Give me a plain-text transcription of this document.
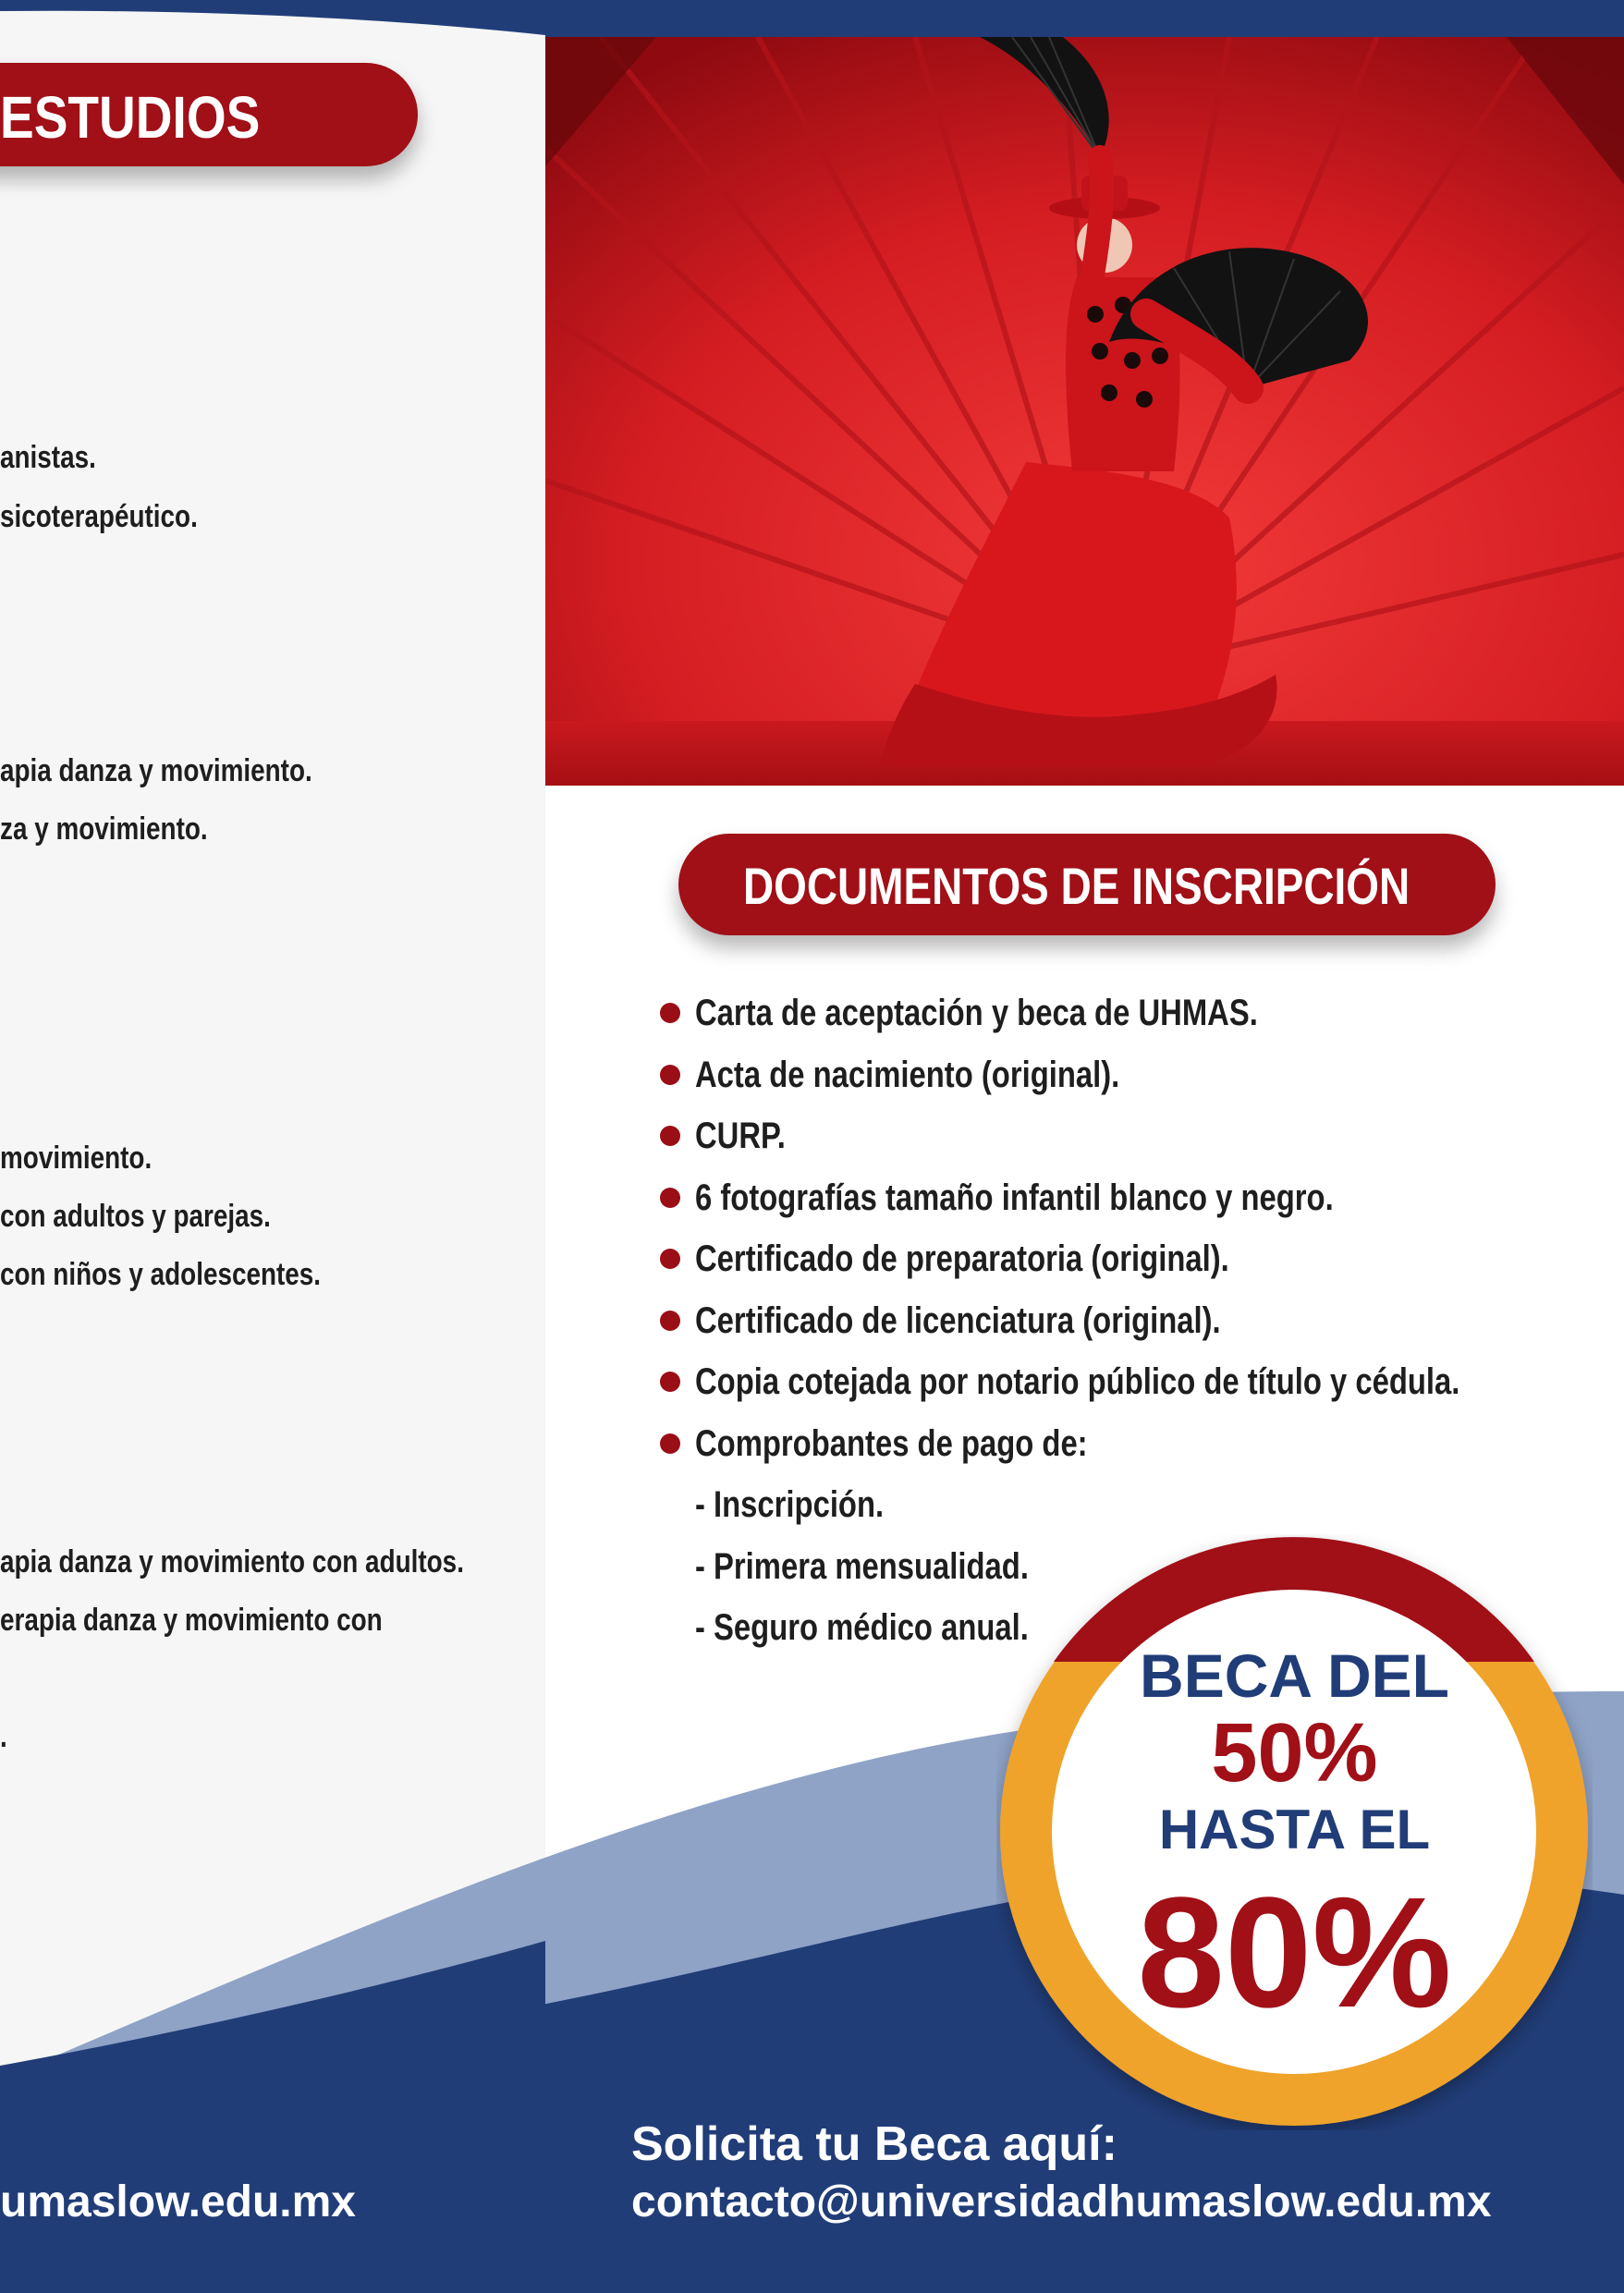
ESTUDIOS
anistas.
sicoterapéutico.
apia danza y movimiento.
za y movimiento.
movimiento.
con adultos y parejas.
con niños y adolescentes.
apia danza y movimiento con adultos.
erapia danza y movimiento con
.
DOCUMENTOS DE INSCRIPCIÓN
Carta de aceptación y beca de UHMAS.
Acta de nacimiento (original).
CURP.
6 fotografías tamaño infantil blanco y negro.
Certificado de preparatoria (original).
Certificado de licenciatura (original).
Copia cotejada por notario público de título y cédula.
Comprobantes de pago de:
- Inscripción.
- Primera mensualidad.
- Seguro médico anual.
BECA DEL
50%
HASTA EL
80%
umaslow.edu.mx
Solicita tu Beca aquí:
contacto@universidadhumaslow.edu.mx
